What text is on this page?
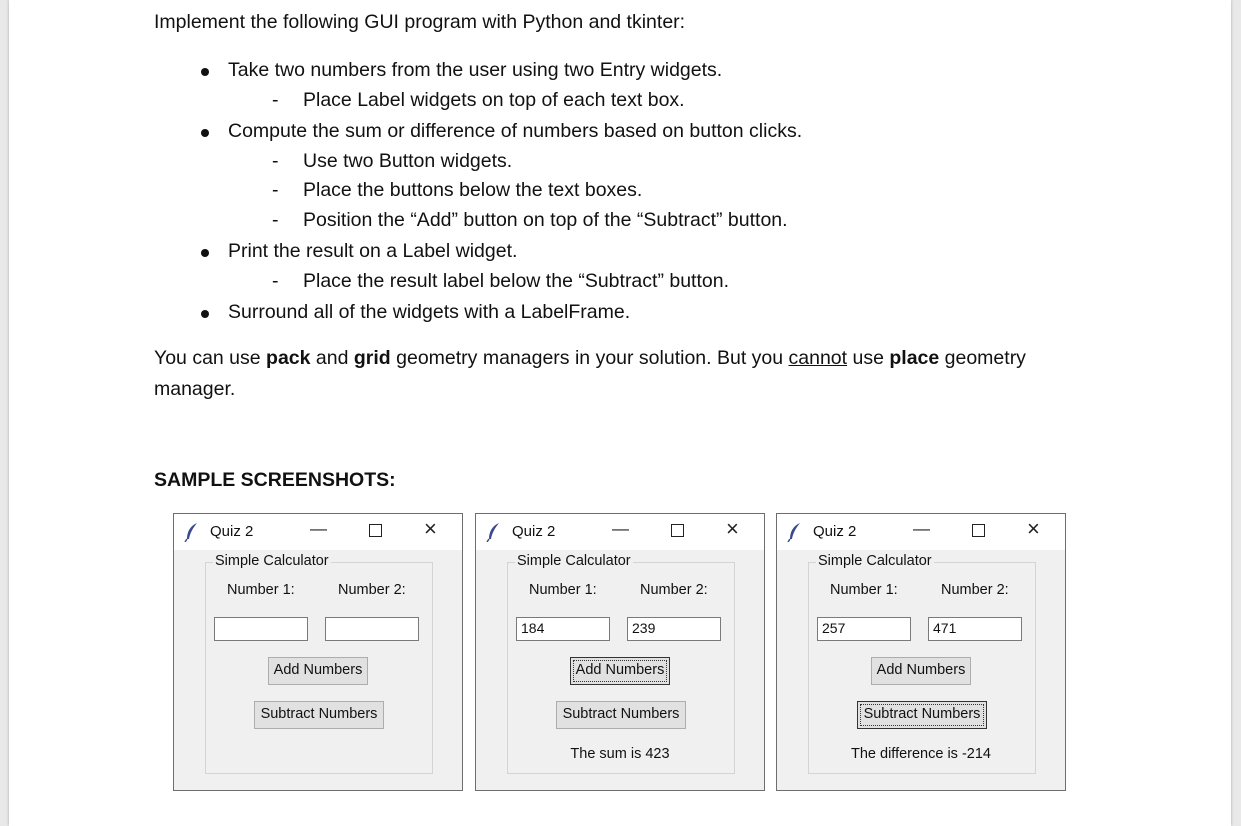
Implement the following GUI program with Python and tkinter:
Take two numbers from the user using two Entry widgets.
- Place Label widgets on top of each text box.
Compute the sum or difference of numbers based on button clicks.
- Use two Button widgets.
- Place the buttons below the text boxes.
- Position the “Add” button on top of the “Subtract” button.
Print the result on a Label widget.
- Place the result label below the “Subtract” button.
Surround all of the widgets with a LabelFrame.
You can use pack and grid geometry managers in your solution. But you cannot use place geometry
manager.
SAMPLE SCREENSHOTS:
Quiz 2	—	×
Simple Calculator
Number 1:	Number 2:
Add Numbers
Subtract Numbers
Quiz 2	—	×
Simple Calculator
Number 1:	Number 2:
184	239
Add Numbers
Subtract Numbers
The sum is 423
Quiz 2	—	×
Simple Calculator
Number 1:	Number 2:
257	471
Add Numbers
Subtract Numbers
The difference is -214
